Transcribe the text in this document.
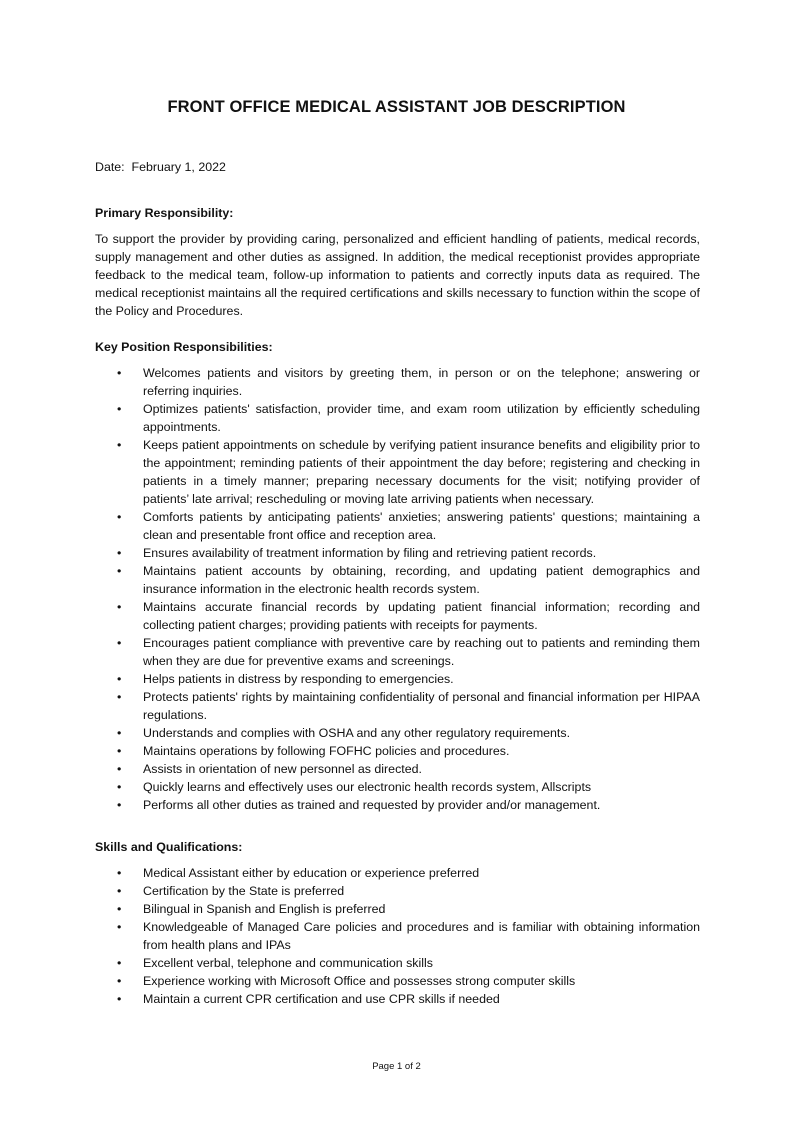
FRONT OFFICE MEDICAL ASSISTANT JOB DESCRIPTION
Date: February 1, 2022
Primary Responsibility:
To support the provider by providing caring, personalized and efficient handling of patients, medical records, supply management and other duties as assigned. In addition, the medical receptionist provides appropriate feedback to the medical team, follow-up information to patients and correctly inputs data as required. The medical receptionist maintains all the required certifications and skills necessary to function within the scope of the Policy and Procedures.
Key Position Responsibilities:
• Welcomes patients and visitors by greeting them, in person or on the telephone; answering or referring inquiries.
• Optimizes patients' satisfaction, provider time, and exam room utilization by efficiently scheduling appointments.
• Keeps patient appointments on schedule by verifying patient insurance benefits and eligibility prior to the appointment; reminding patients of their appointment the day before; registering and checking in patients in a timely manner; preparing necessary documents for the visit; notifying provider of patients’ late arrival; rescheduling or moving late arriving patients when necessary.
• Comforts patients by anticipating patients' anxieties; answering patients' questions; maintaining a clean and presentable front office and reception area.
• Ensures availability of treatment information by filing and retrieving patient records.
• Maintains patient accounts by obtaining, recording, and updating patient demographics and insurance information in the electronic health records system.
• Maintains accurate financial records by updating patient financial information; recording and collecting patient charges; providing patients with receipts for payments.
• Encourages patient compliance with preventive care by reaching out to patients and reminding them when they are due for preventive exams and screenings.
• Helps patients in distress by responding to emergencies.
• Protects patients' rights by maintaining confidentiality of personal and financial information per HIPAA regulations.
• Understands and complies with OSHA and any other regulatory requirements.
• Maintains operations by following FOFHC policies and procedures.
• Assists in orientation of new personnel as directed.
• Quickly learns and effectively uses our electronic health records system, Allscripts
• Performs all other duties as trained and requested by provider and/or management.
Skills and Qualifications:
• Medical Assistant either by education or experience preferred
• Certification by the State is preferred
• Bilingual in Spanish and English is preferred
• Knowledgeable of Managed Care policies and procedures and is familiar with obtaining information from health plans and IPAs
• Excellent verbal, telephone and communication skills
• Experience working with Microsoft Office and possesses strong computer skills
• Maintain a current CPR certification and use CPR skills if needed
Page 1 of 2
